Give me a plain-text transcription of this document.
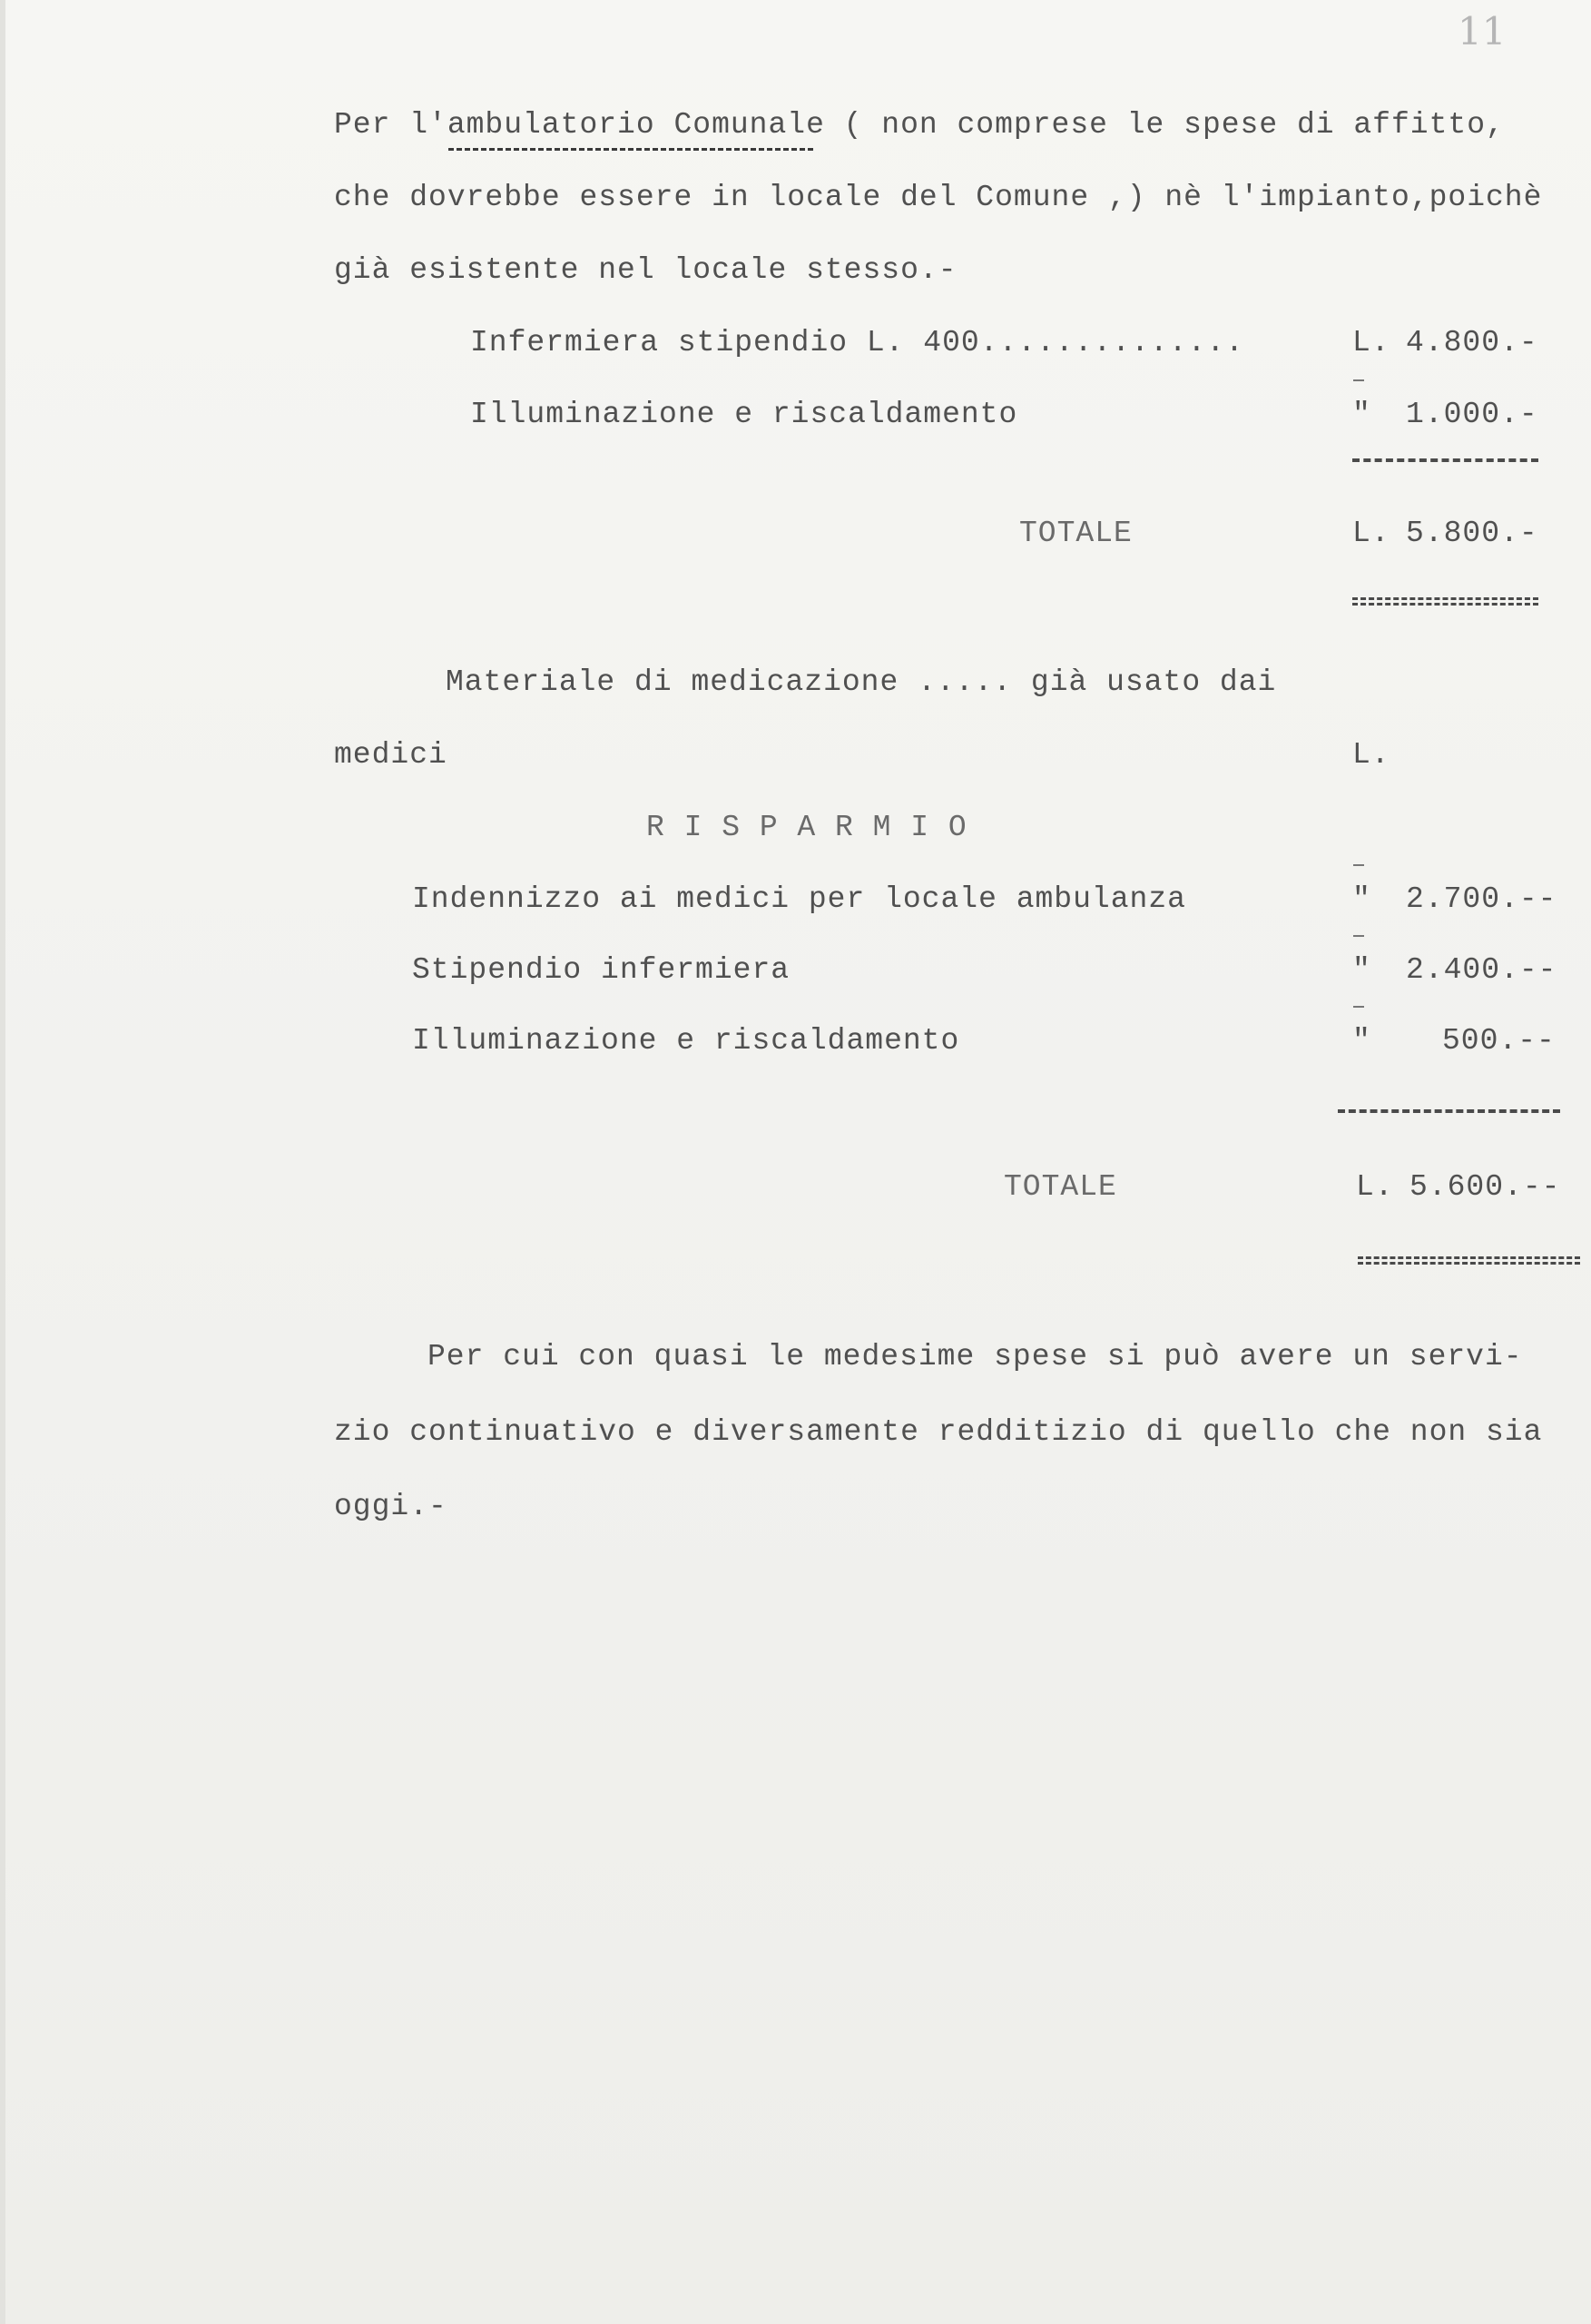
11
Per l'ambulatorio Comunale ( non comprese le spese di affitto,
che dovrebbe essere in locale del Comune ,) nè l'impianto,poichè
già esistente nel locale stesso.-
Infermiera stipendio L. 400..............	L. 4.800.-
Illuminazione e riscaldamento	" 1.000.-
TOTALE	L. 5.800.-
Materiale di medicazione ..... già usato dai
medici	L.
R I S P A R M I O
Indennizzo ai medici per locale ambulanza	" 2.700.--
Stipendio infermiera	" 2.400.--
Illuminazione e riscaldamento	" 500.--
TOTALE	L. 5.600.--
Per cui con quasi le medesime spese si può avere un servi-
zio continuativo e diversamente redditizio di quello che non sia
oggi.-
